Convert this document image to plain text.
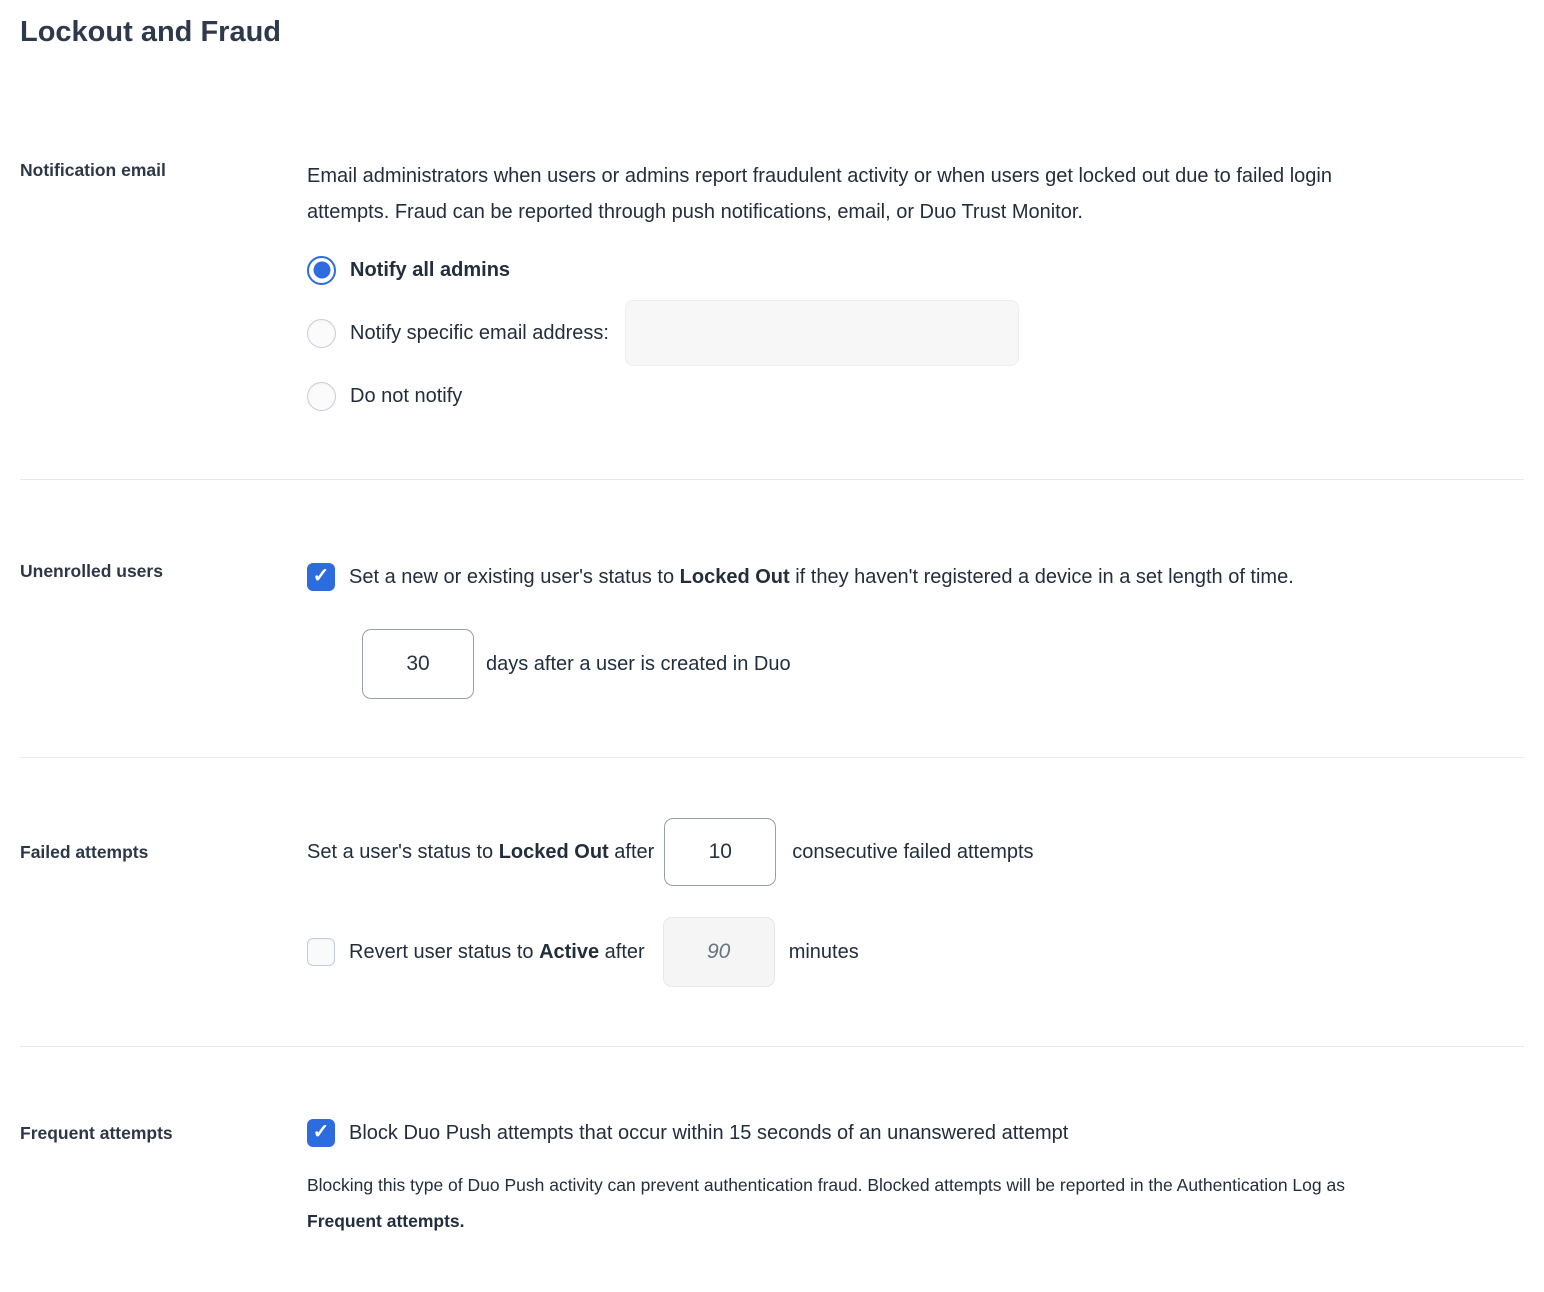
Lockout and Fraud
Notification email	Email administrators when users or admins report fraudulent activity or when users get locked out due to failed login attempts. Fraud can be reported through push notifications, email, or Duo Trust Monitor.

Notify all admins
Notify specific email address:
Do not notify
Unenrolled users	✓ Set a new or existing user's status to Locked Out if they haven't registered a device in a set length of time.
30
days after a user is created in Duo
Failed attempts	Set a user's status to Locked Out after
10	consecutive failed attempts
Revert user status to Active after
90	minutes
Frequent attempts	✓ Block Duo Push attempts that occur within 15 seconds of an unanswered attempt
Blocking this type of Duo Push activity can prevent authentication fraud. Blocked attempts will be reported in the Authentication Log as Frequent attempts.
